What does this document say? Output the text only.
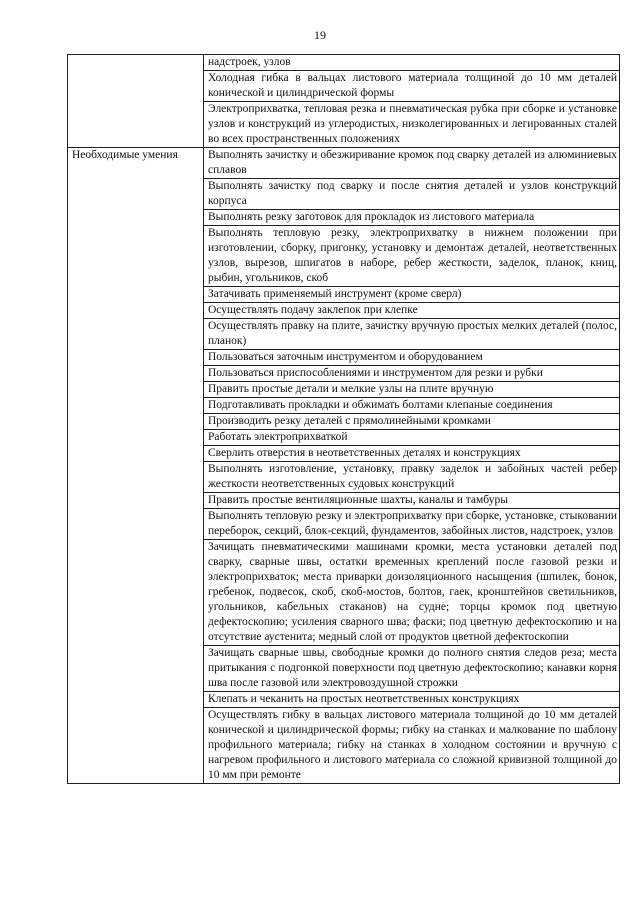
19
	надстроек, узлов
	Холодная гибка в вальцах листового материала толщиной до 10 мм деталей конической и цилиндрической формы
	Электроприхватка, тепловая резка и пневматическая рубка при сборке и установке узлов и конструкций из углеродистых, низколегированных и легированных сталей во всех пространственных положениях
Необходимые умения	Выполнять зачистку и обезжиривание кромок под сварку деталей из алюминиевых сплавов
	Выполнять зачистку под сварку и после снятия деталей и узлов конструкций корпуса
	Выполнять резку заготовок для прокладок из листового материала
	Выполнять тепловую резку, электроприхватку в нижнем положении при изготовлении, сборку, пригонку, установку и демонтаж деталей, неответственных узлов, вырезов, шпигатов в наборе, ребер жесткости, заделок, планок, книц, рыбин, угольников, скоб
	Затачивать применяемый инструмент (кроме сверл)
	Осуществлять подачу заклепок при клепке
	Осуществлять правку на плите, зачистку вручную простых мелких деталей (полос, планок)
	Пользоваться заточным инструментом и оборудованием
	Пользоваться приспособлениями и инструментом для резки и рубки
	Править простые детали и мелкие узлы на плите вручную
	Подготавливать прокладки и обжимать болтами клепаные соединения
	Производить резку деталей с прямолинейными кромками
	Работать электроприхваткой
	Сверлить отверстия в неответственных деталях и конструкциях
	Выполнять изготовление, установку, правку заделок и забойных частей ребер жесткости неответственных судовых конструкций
	Править простые вентиляционные шахты, каналы и тамбуры
	Выполнять тепловую резку и электроприхватку при сборке, установке, стыковании переборок, секций, блок-секций, фундаментов, забойных листов, надстроек, узлов
	Зачищать пневматическими машинами кромки, места установки деталей под сварку, сварные швы, остатки временных креплений после газовой резки и электроприхваток; места приварки доизоляционного насыщения (шпилек, бонок, гребенок, подвесок, скоб, скоб-мостов, болтов, гаек, кронштейнов светильников, угольников, кабельных стаканов) на судне; торцы кромок под цветную дефектоскопию; усиления сварного шва; фаски; под цветную дефектоскопию и на отсутствие аустенита; медный слой от продуктов цветной дефектоскопии
	Зачищать сварные швы, свободные кромки до полного снятия следов реза; места притыкания с подгонкой поверхности под цветную дефектоскопию; канавки корня шва после газовой или электровоздушной строжки
	Клепать и чеканить на простых неответственных конструкциях
	Осуществлять гибку в вальцах листового материала толщиной до 10 мм деталей конической и цилиндрической формы; гибку на станках и малкование по шаблону профильного материала; гибку на станках в холодном состоянии и вручную с нагревом профильного и листового материала со сложной кривизной толщиной до 10 мм при ремонте
